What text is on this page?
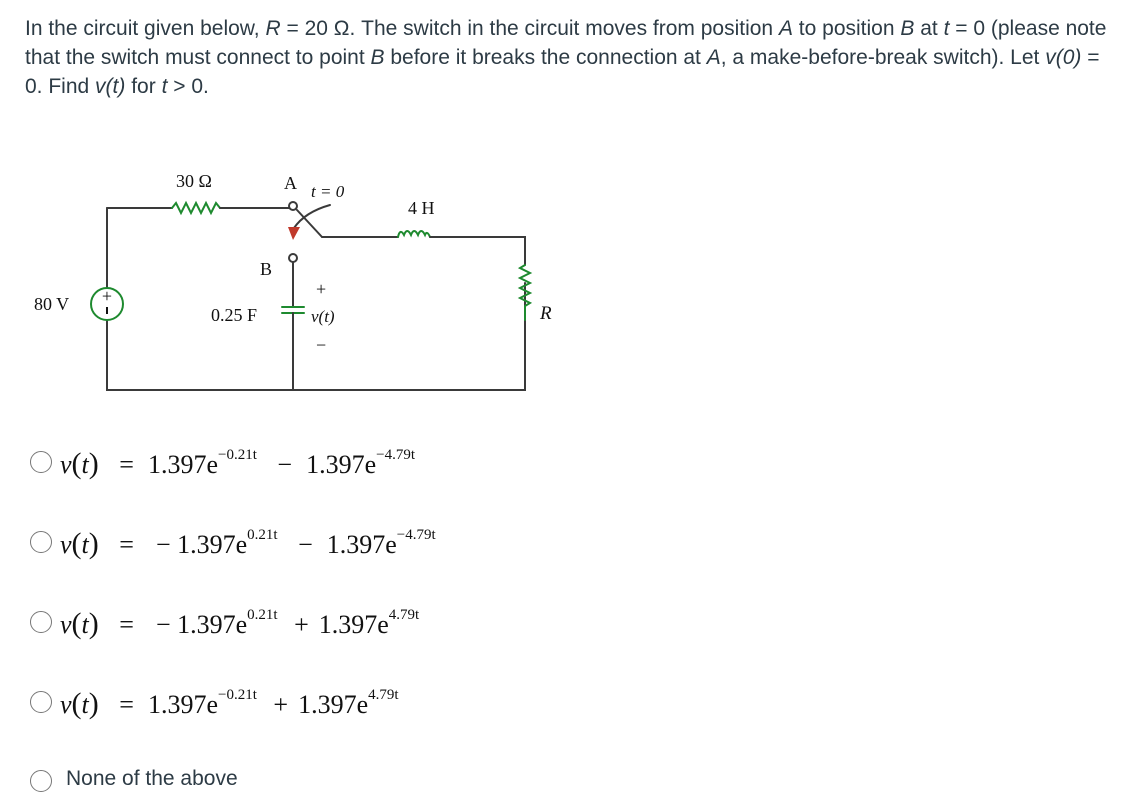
In the circuit given below, R = 20 Ω. The switch in the circuit moves from position A to position B at t = 0 (please note that the switch must connect to point B before it breaks the connection at A, a make-before-break switch). Let v(0) = 0. Find v(t) for t > 0.
+
30 Ω	A t = 0
4 H
B
80 V
0.25 F
+
v(t)
−
R
$v(t) = 1.397e^{-0.21t} - 1.397e^{-4.79t}$
v(t) = − $1.397e^{0.21t} - 1.397e^{-4.79t}$
v(t) = − $1.397e^{0.21t} + 1.397e^{4.79t}$
$v(t) = 1.397e^{-0.21t} + 1.397e^{4.79t}$
None of the above
